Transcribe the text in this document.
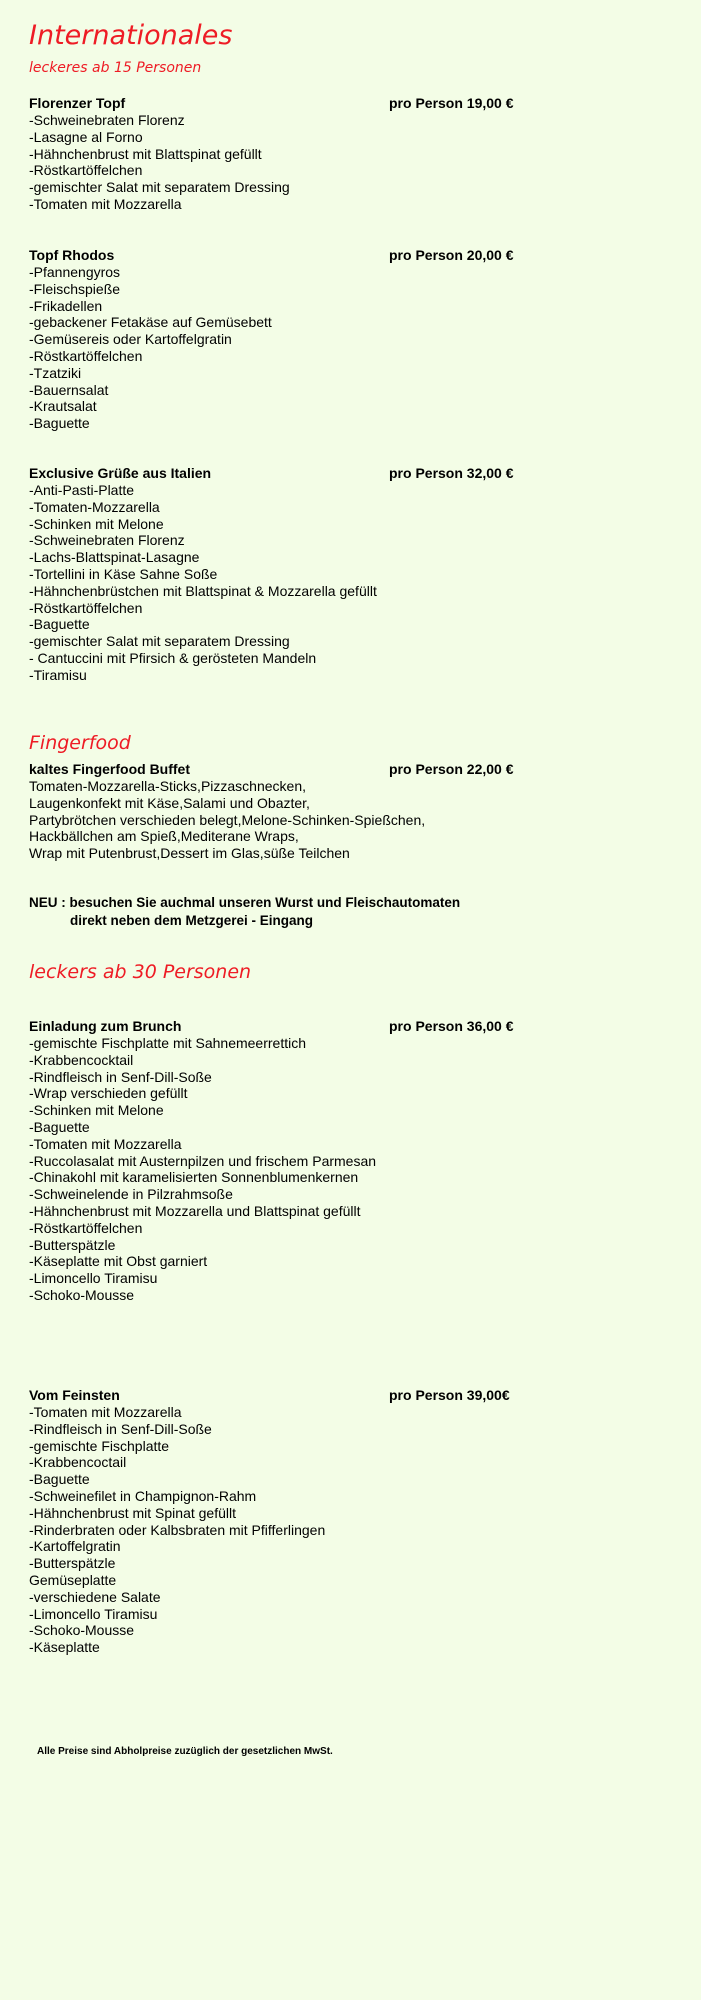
Internationales
leckeres ab 15 Personen
Florenzer Topf	pro Person 19,00 €
-Schweinebraten Florenz
-Lasagne al Forno
-Hähnchenbrust mit Blattspinat gefüllt
-Röstkartöffelchen
-gemischter Salat mit separatem Dressing
-Tomaten mit Mozzarella
Topf Rhodos	pro Person 20,00 €
-Pfannengyros
-Fleischspieße
-Frikadellen
-gebackener Fetakäse auf Gemüsebett
-Gemüsereis oder Kartoffelgratin
-Röstkartöffelchen
-Tzatziki
-Bauernsalat
-Krautsalat
-Baguette
Exclusive Grüße aus Italien	pro Person 32,00 €
-Anti-Pasti-Platte
-Tomaten-Mozzarella
-Schinken mit Melone
-Schweinebraten Florenz
-Lachs-Blattspinat-Lasagne
-Tortellini in Käse Sahne Soße
-Hähnchenbrüstchen mit Blattspinat & Mozzarella gefüllt
-Röstkartöffelchen
-Baguette
-gemischter Salat mit separatem Dressing
- Cantuccini mit Pfirsich & gerösteten Mandeln
-Tiramisu
Fingerfood
kaltes Fingerfood Buffet	pro Person 22,00 €
Tomaten-Mozzarella-Sticks,Pizzaschnecken,
Laugenkonfekt mit Käse,Salami und Obazter,
Partybrötchen verschieden belegt,Melone-Schinken-Spießchen,
Hackbällchen am Spieß,Mediterane Wraps,
Wrap mit Putenbrust,Dessert im Glas,süße Teilchen
NEU : besuchen Sie auchmal unseren Wurst und Fleischautomaten
direkt neben dem Metzgerei - Eingang
leckers ab 30 Personen
Einladung zum Brunch	pro Person 36,00 €
-gemischte Fischplatte mit Sahnemeerrettich
-Krabbencocktail
-Rindfleisch in Senf-Dill-Soße
-Wrap verschieden gefüllt
-Schinken mit Melone
-Baguette
-Tomaten mit Mozzarella
-Ruccolasalat mit Austernpilzen und frischem Parmesan
-Chinakohl mit karamelisierten Sonnenblumenkernen
-Schweinelende in Pilzrahmsoße
-Hähnchenbrust mit Mozzarella und Blattspinat gefüllt
-Röstkartöffelchen
-Butterspätzle
-Käseplatte mit Obst garniert
-Limoncello Tiramisu
-Schoko-Mousse
Vom Feinsten	pro Person 39,00€
-Tomaten mit Mozzarella
-Rindfleisch in Senf-Dill-Soße
-gemischte Fischplatte
-Krabbencoctail
-Baguette
-Schweinefilet in Champignon-Rahm
-Hähnchenbrust mit Spinat gefüllt
-Rinderbraten oder Kalbsbraten mit Pfifferlingen
-Kartoffelgratin
-Butterspätzle
Gemüseplatte
-verschiedene Salate
-Limoncello Tiramisu
-Schoko-Mousse
-Käseplatte
Alle Preise sind Abholpreise zuzüglich der gesetzlichen MwSt.
